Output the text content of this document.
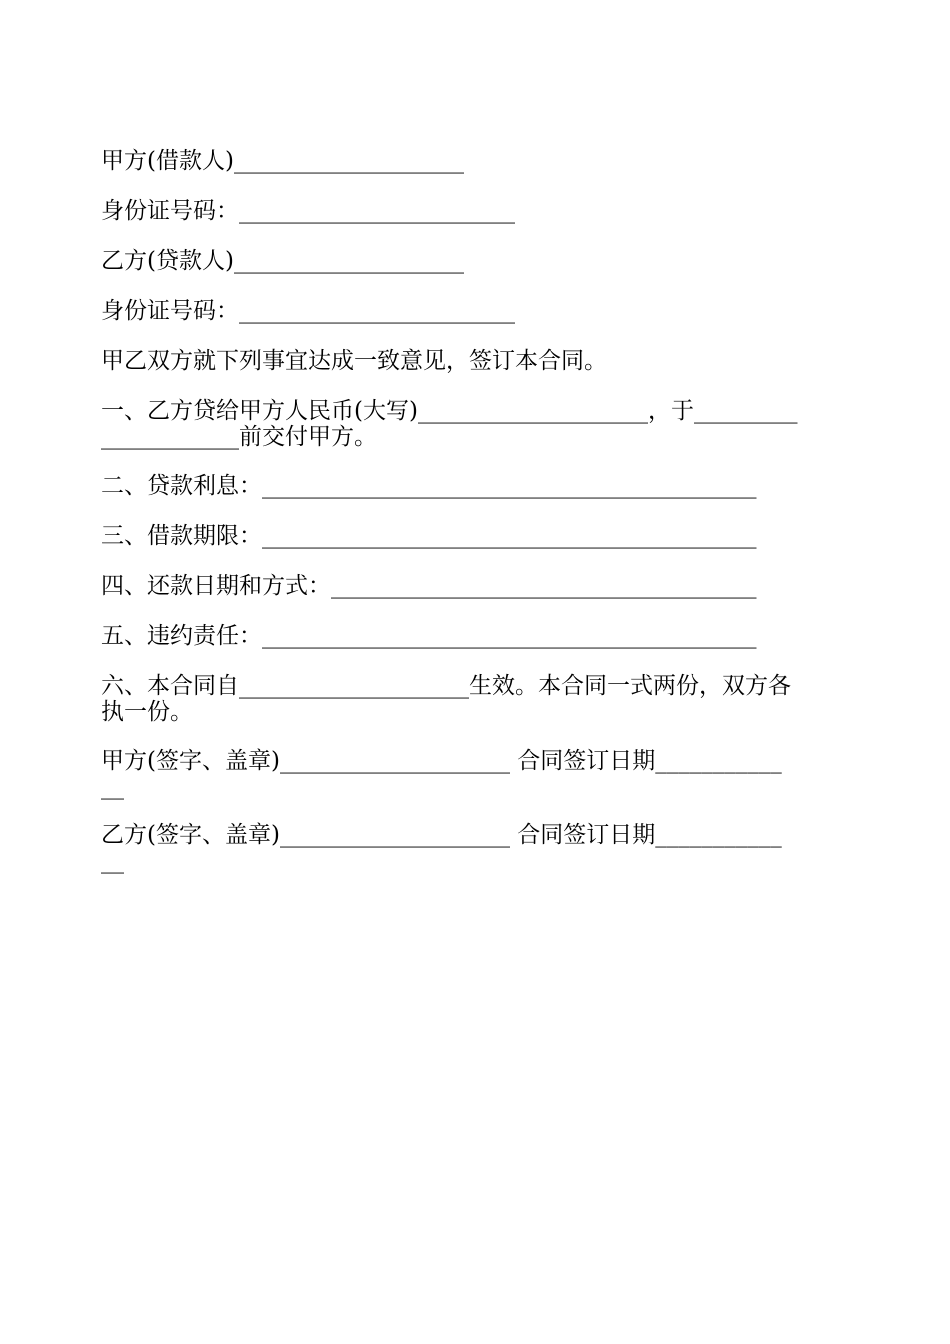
甲方(借款人)____________________
身份证号码：________________________
乙方(贷款人)____________________
身份证号码：________________________
甲乙双方就下列事宜达成一致意见，签订本合同。
一、乙方贷给甲方人民币(大写)____________________，于_________
____________前交付甲方。
二、贷款利息：___________________________________________
三、借款期限：___________________________________________
四、还款日期和方式：_____________________________________
五、违约责任：___________________________________________
六、本合同自____________________生效。本合同一式两份，双方各
执一份。
甲方(签字、盖章)____________________ 合同签订日期___________
__
乙方(签字、盖章)____________________ 合同签订日期___________
__
